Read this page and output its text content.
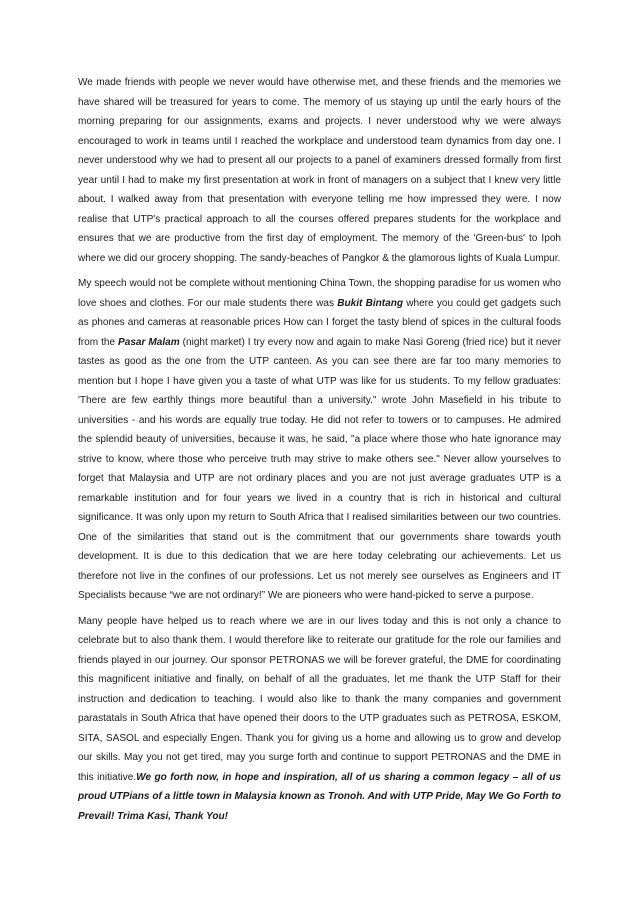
We made friends with people we never would have otherwise met, and these friends and the memories we have shared will be treasured for years to come. The memory of us staying up until the early hours of the morning preparing for our assignments, exams and projects. I never understood why we were always encouraged to work in teams until I reached the workplace and understood team dynamics from day one. I never understood why we had to present all our projects to a panel of examiners dressed formally from first year until I had to make my first presentation at work in front of managers on a subject that I knew very little about. I walked away from that presentation with everyone telling me how impressed they were. I now realise that UTP's practical approach to all the courses offered prepares students for the workplace and ensures that we are productive from the first day of employment. The memory of the 'Green-bus' to Ipoh where we did our grocery shopping. The sandy-beaches of Pangkor & the glamorous lights of Kuala Lumpur.

My speech would not be complete without mentioning China Town, the shopping paradise for us women who love shoes and clothes. For our male students there was Bukit Bintang where you could get gadgets such as phones and cameras at reasonable prices How can I forget the tasty blend of spices in the cultural foods from the Pasar Malam (night market) I try every now and again to make Nasi Goreng (fried rice) but it never tastes as good as the one from the UTP canteen. As you can see there are far too many memories to mention but I hope I have given you a taste of what UTP was like for us students. To my fellow graduates: 'There are few earthly things more beautiful than a university." wrote John Masefield in his tribute to universities - and his words are equally true today. He did not refer to towers or to campuses. He admired the splendid beauty of universities, because it was, he said, "a place where those who hate ignorance may strive to know, where those who perceive truth may strive to make others see." Never allow yourselves to forget that Malaysia and UTP are not ordinary places and you are not just average graduates UTP is a remarkable institution and for four years we lived in a country that is rich in historical and cultural significance. It was only upon my return to South Africa that I realised similarities between our two countries. One of the similarities that stand out is the commitment that our governments share towards youth development. It is due to this dedication that we are here today celebrating our achievements. Let us therefore not live in the confines of our professions. Let us not merely see ourselves as Engineers and IT Specialists because “we are not ordinary!” We are pioneers who were hand-picked to serve a purpose.

Many people have helped us to reach where we are in our lives today and this is not only a chance to celebrate but to also thank them. I would therefore like to reiterate our gratitude for the role our families and friends played in our journey. Our sponsor PETRONAS we will be forever grateful, the DME for coordinating this magnificent initiative and finally, on behalf of all the graduates, let me thank the UTP Staff for their instruction and dedication to teaching. I would also like to thank the many companies and government parastatals in South Africa that have opened their doors to the UTP graduates such as PETROSA, ESKOM, SITA, SASOL and especially Engen. Thank you for giving us a home and allowing us to grow and develop our skills. May you not get tired, may you surge forth and continue to support PETRONAS and the DME in this initiative.We go forth now, in hope and inspiration, all of us sharing a common legacy – all of us proud UTPians of a little town in Malaysia known as Tronoh. And with UTP Pride, May We Go Forth to Prevail! Trima Kasi, Thank You!
